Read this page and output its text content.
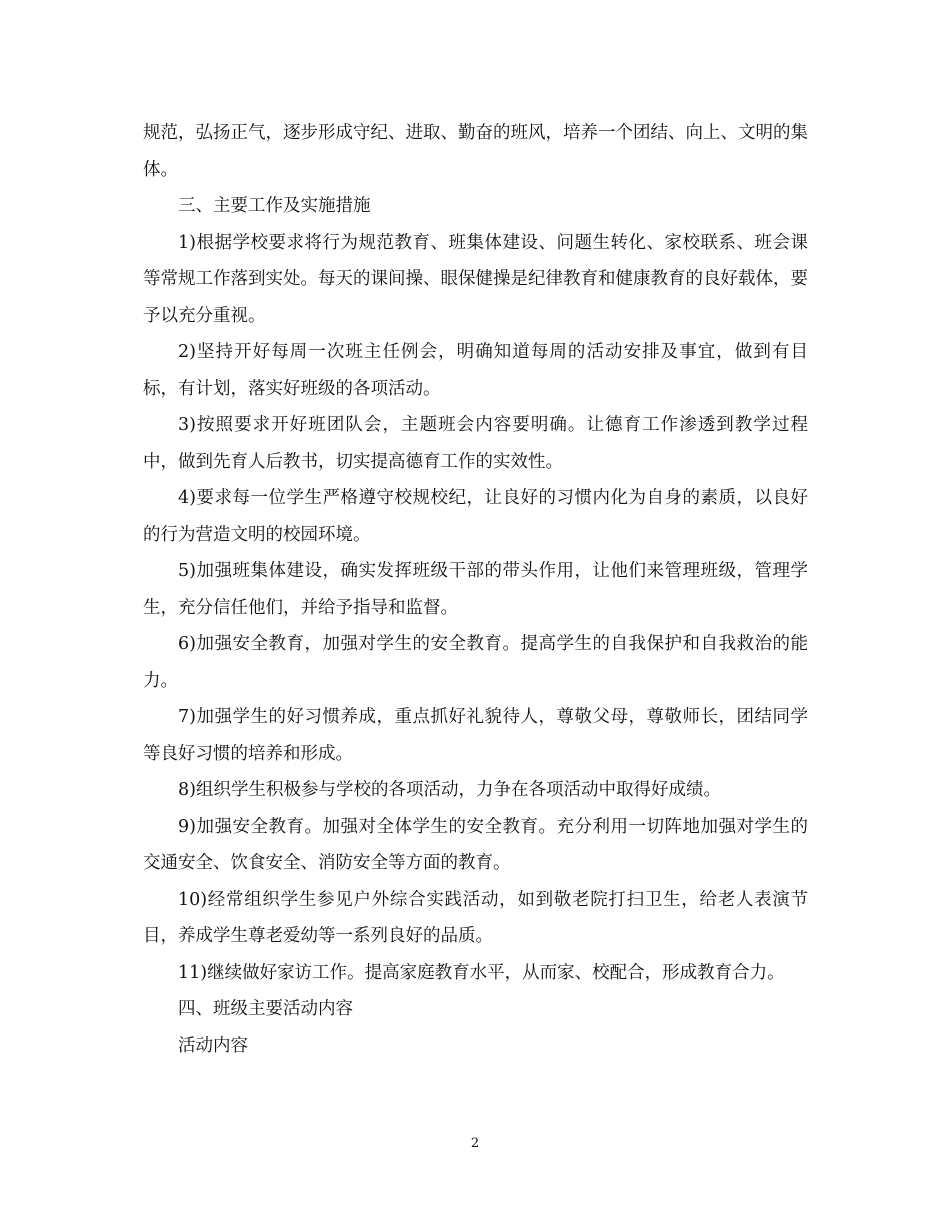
规范，弘扬正气，逐步形成守纪、进取、勤奋的班风，培养一个团结、向上、文明的集体。

三、主要工作及实施措施

1)根据学校要求将行为规范教育、班集体建设、问题生转化、家校联系、班会课等常规工作落到实处。每天的课间操、眼保健操是纪律教育和健康教育的良好载体，要予以充分重视。

2)坚持开好每周一次班主任例会，明确知道每周的活动安排及事宜，做到有目标，有计划，落实好班级的各项活动。

3)按照要求开好班团队会，主题班会内容要明确。让德育工作渗透到教学过程中，做到先育人后教书，切实提高德育工作的实效性。

4)要求每一位学生严格遵守校规校纪，让良好的习惯内化为自身的素质，以良好的行为营造文明的校园环境。

5)加强班集体建设，确实发挥班级干部的带头作用，让他们来管理班级，管理学生，充分信任他们，并给予指导和监督。

6)加强安全教育，加强对学生的安全教育。提高学生的自我保护和自我救治的能力。

7)加强学生的好习惯养成，重点抓好礼貌待人，尊敬父母，尊敬师长，团结同学等良好习惯的培养和形成。

8)组织学生积极参与学校的各项活动，力争在各项活动中取得好成绩。

9)加强安全教育。加强对全体学生的安全教育。充分利用一切阵地加强对学生的交通安全、饮食安全、消防安全等方面的教育。

10)经常组织学生参见户外综合实践活动，如到敬老院打扫卫生，给老人表演节目，养成学生尊老爱幼等一系列良好的品质。

11)继续做好家访工作。提高家庭教育水平，从而家、校配合，形成教育合力。

四、班级主要活动内容

活动内容

2
